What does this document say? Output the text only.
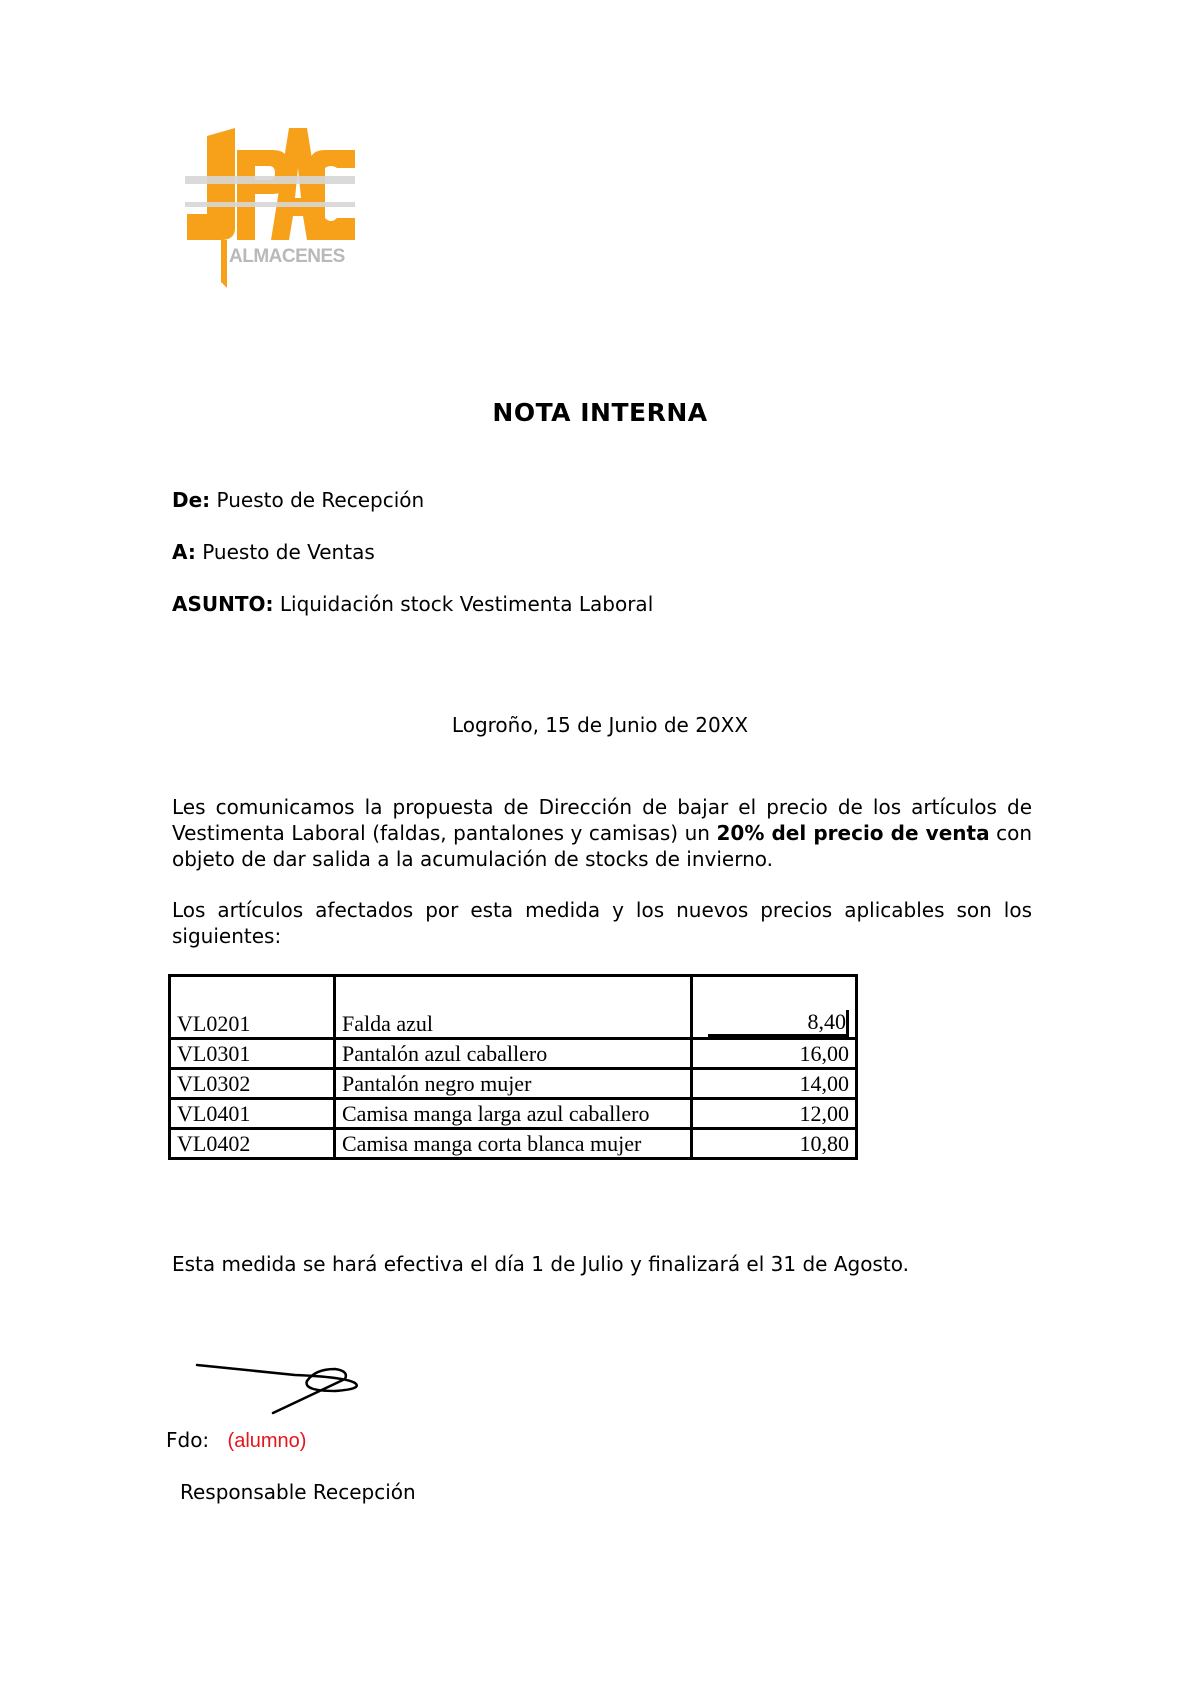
ALMACENES
NOTA INTERNA
De: Puesto de Recepción
A: Puesto de Ventas
ASUNTO: Liquidación stock Vestimenta Laboral
Logroño, 15 de Junio de 20XX
Les comunicamos la propuesta de Dirección de bajar el precio de los artículos de Vestimenta Laboral (faldas, pantalones y camisas) un 20% del precio de venta con objeto de dar salida a la acumulación de stocks de invierno.
Los artículos afectados por esta medida y los nuevos precios aplicables son los siguientes:
VL0201	Falda azul	8,40
VL0301	Pantalón azul caballero	16,00
VL0302	Pantalón negro mujer	14,00
VL0401	Camisa manga larga azul caballero	12,00
VL0402	Camisa manga corta blanca mujer	10,80
Esta medida se hará efectiva el día 1 de Julio y finalizará el 31 de Agosto.
Fdo: (alumno)
Responsable Recepción
